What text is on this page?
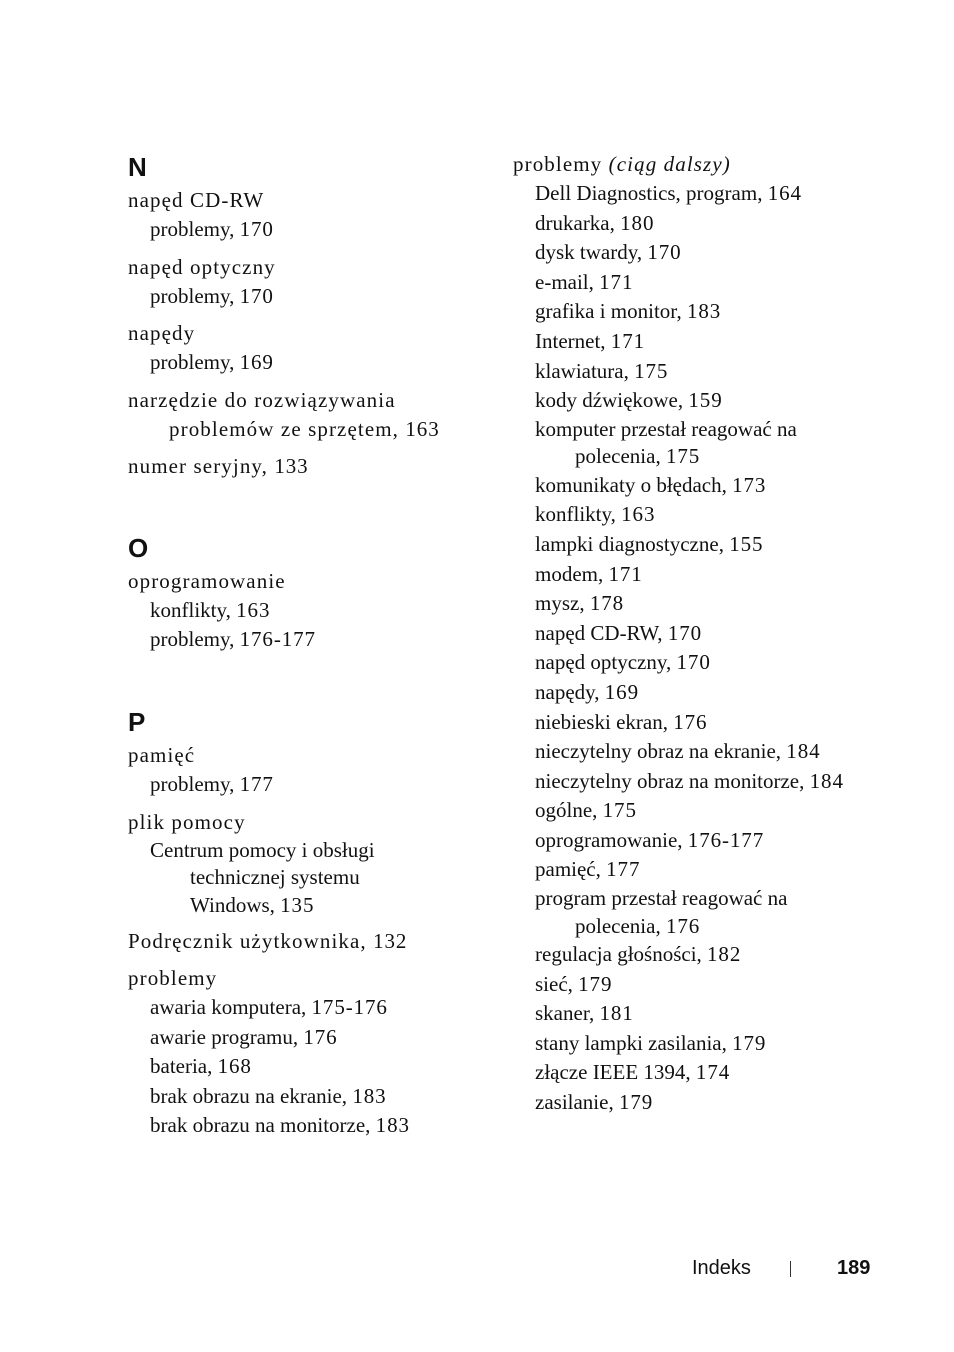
N
napęd CD-RW
problemy, 170
napęd optyczny
problemy, 170
napędy
problemy, 169
narzędzie do rozwiązywania problemów ze sprzętem, 163
numer seryjny, 133
O
oprogramowanie
konflikty, 163
problemy, 176-177
P
pamięć
problemy, 177
plik pomocy
Centrum pomocy i obsługi technicznej systemu Windows, 135
Podręcznik użytkownika, 132
problemy
awaria komputera, 175-176
awarie programu, 176
bateria, 168
brak obrazu na ekranie, 183
brak obrazu na monitorze, 183
problemy (ciąg dalszy)
Dell Diagnostics, program, 164
drukarka, 180
dysk twardy, 170
e-mail, 171
grafika i monitor, 183
Internet, 171
klawiatura, 175
kody dźwiękowe, 159
komputer przestał reagować na polecenia, 175
komunikaty o błędach, 173
konflikty, 163
lampki diagnostyczne, 155
modem, 171
mysz, 178
napęd CD-RW, 170
napęd optyczny, 170
napędy, 169
niebieski ekran, 176
nieczytelny obraz na ekranie, 184
nieczytelny obraz na monitorze, 184
ogólne, 175
oprogramowanie, 176-177
pamięć, 177
program przestał reagować na polecenia, 176
regulacja głośności, 182
sieć, 179
skaner, 181
stany lampki zasilania, 179
złącze IEEE 1394, 174
zasilanie, 179
Indeks	189
